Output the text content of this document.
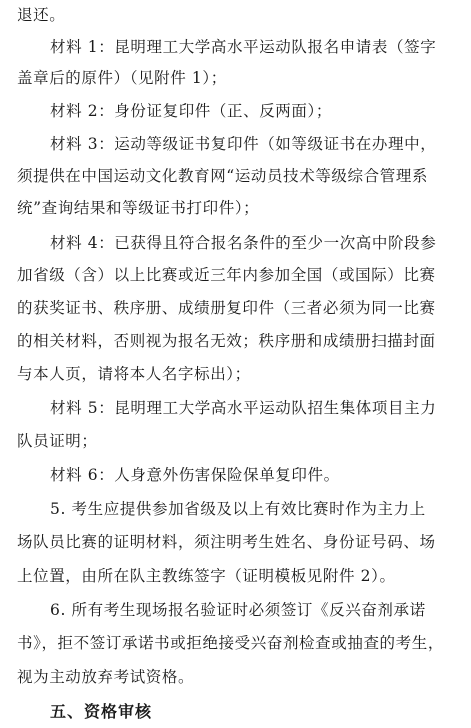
退还。
材料 1：昆明理工大学高水平运动队报名申请表（签字
盖章后的原件）（见附件 1）；
材料 2：身份证复印件（正、反两面）；
材料 3：运动等级证书复印件（如等级证书在办理中，
须提供在中国运动文化教育网“运动员技术等级综合管理系
统”查询结果和等级证书打印件）；
材料 4：已获得且符合报名条件的至少一次高中阶段参
加省级（含）以上比赛或近三年内参加全国（或国际）比赛
的获奖证书、秩序册、成绩册复印件（三者必须为同一比赛
的相关材料，否则视为报名无效；秩序册和成绩册扫描封面
与本人页，请将本人名字标出）；
材料 5：昆明理工大学高水平运动队招生集体项目主力
队员证明；
材料 6：人身意外伤害保险保单复印件。
5. 考生应提供参加省级及以上有效比赛时作为主力上
场队员比赛的证明材料，须注明考生姓名、身份证号码、场
上位置，由所在队主教练签字（证明模板见附件 2）。
6. 所有考生现场报名验证时必须签订《反兴奋剂承诺
书》，拒不签订承诺书或拒绝接受兴奋剂检查或抽查的考生，
视为主动放弃考试资格。
五、资格审核
